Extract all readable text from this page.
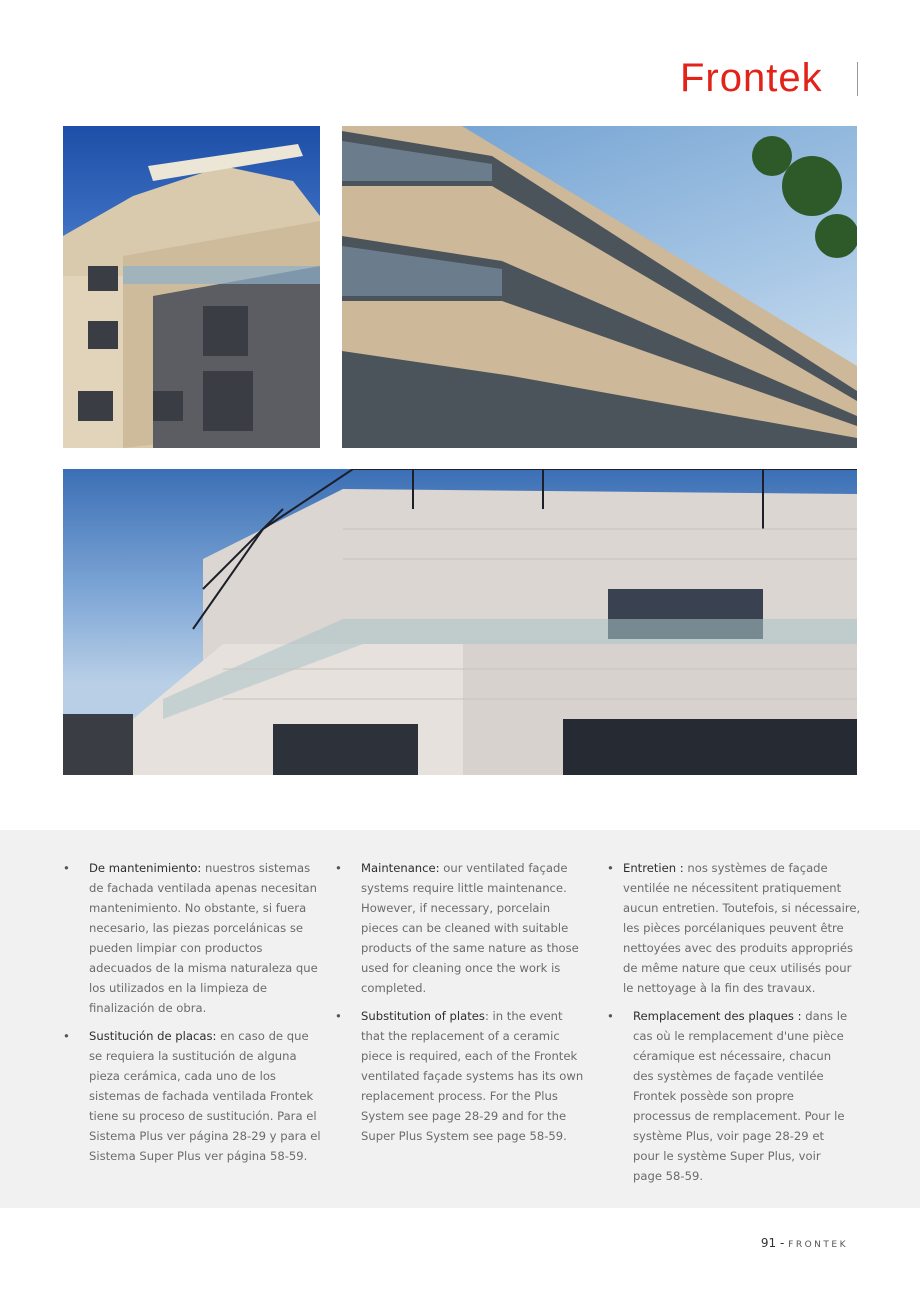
Frontek
• De mantenimiento: nuestros sistemas de fachada ventilada apenas necesitan mantenimiento. No obstante, si fuera necesario, las piezas porcelánicas se pueden limpiar con productos adecuados de la misma naturaleza que los utilizados en la limpieza de finalización de obra.
• Sustitución de placas: en caso de que se requiera la sustitución de alguna pieza cerámica, cada uno de los sistemas de fachada ventilada Frontek tiene su proceso de sustitución. Para el Sistema Plus ver página 28-29 y para el Sistema Super Plus ver página 58-59.
• Maintenance: our ventilated façade systems require little maintenance. However, if necessary, porcelain pieces can be cleaned with suitable products of the same nature as those used for cleaning once the work is completed.
• Substitution of plates: in the event that the replacement of a ceramic piece is required, each of the Frontek ventilated façade systems has its own replacement process. For the Plus System see page 28-29 and for the Super Plus System see page 58-59.
• Entretien : nos systèmes de façade ventilée ne nécessitent pratiquement aucun entretien. Toutefois, si nécessaire, les pièces porcélaniques peuvent être nettoyées avec des produits appropriés de même nature que ceux utilisés pour le nettoyage à la fin des travaux.
• Remplacement des plaques : dans le cas où le remplacement d'une pièce céramique est nécessaire, chacun des systèmes de façade ventilée Frontek possède son propre processus de remplacement. Pour le système Plus, voir page 28-29 et pour le système Super Plus, voir page 58-59.
91 - FRONTEK
